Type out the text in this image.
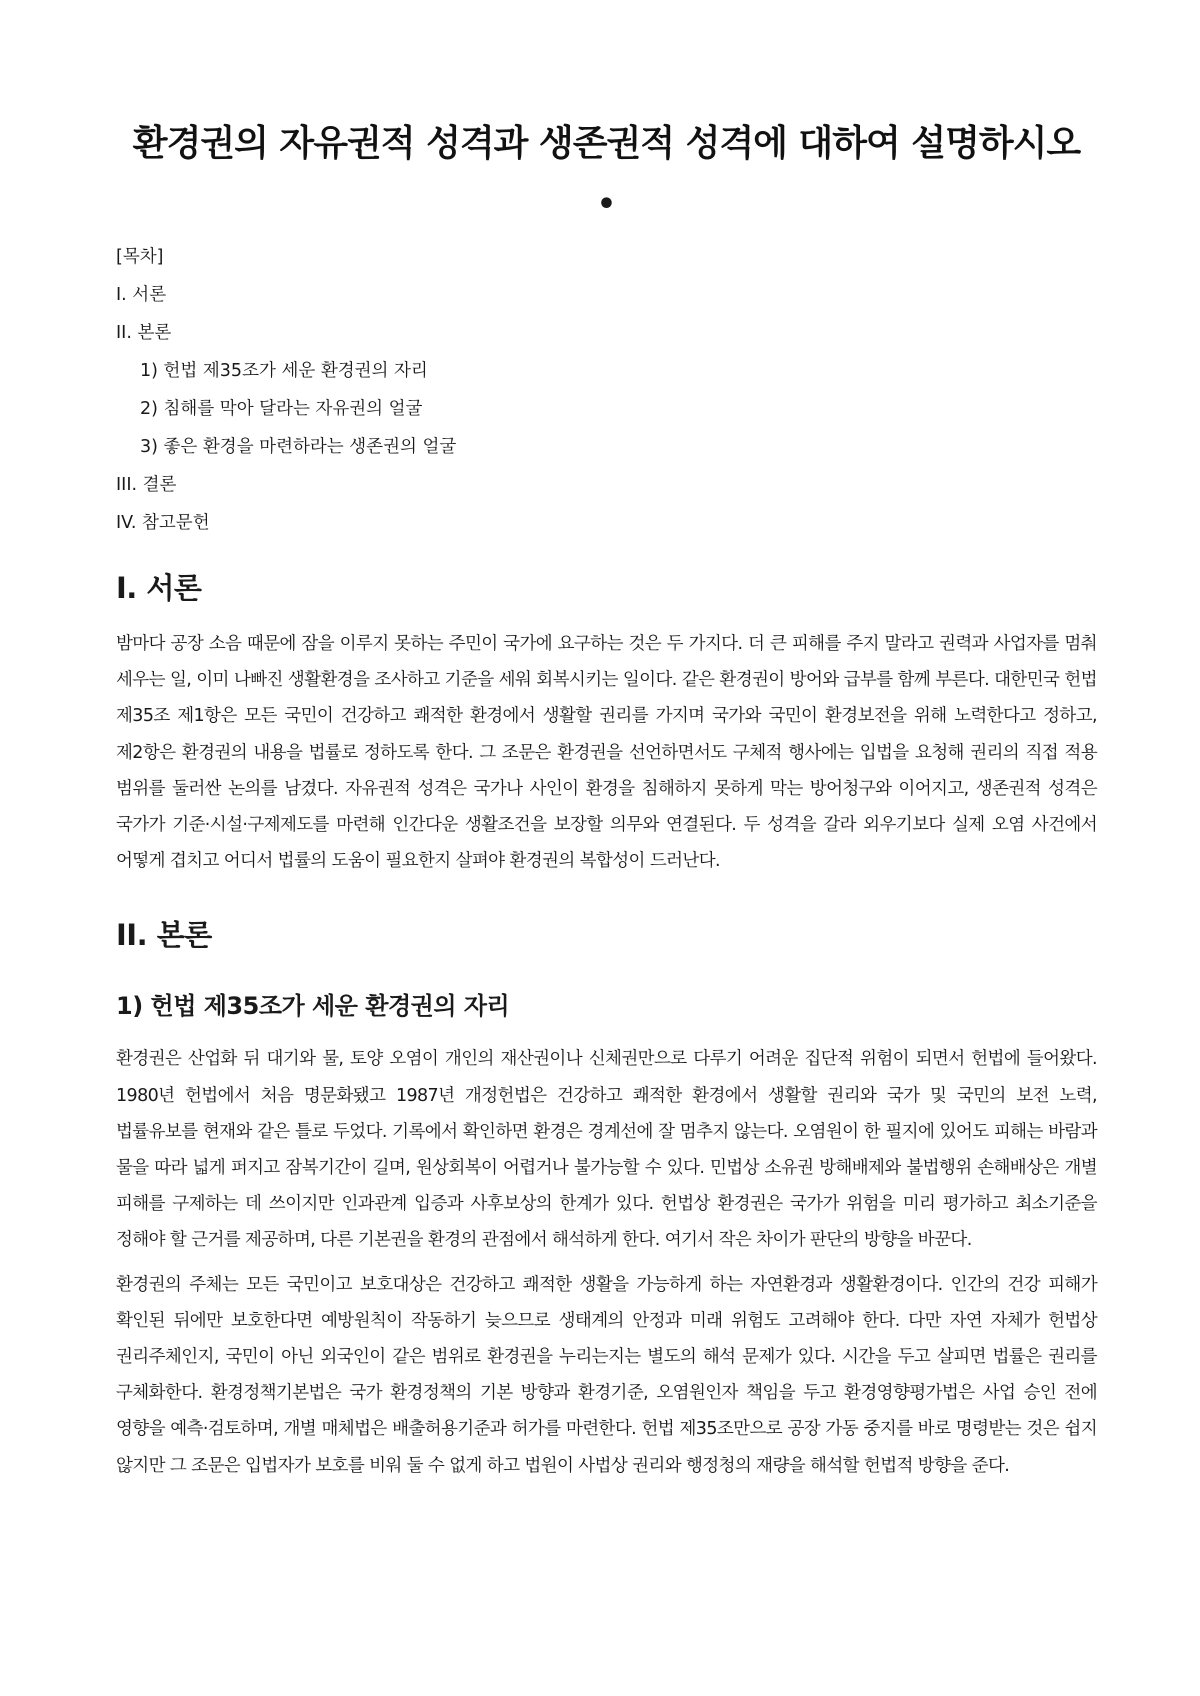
환경권의 자유권적 성격과 생존권적 성격에 대하여 설명하시오
•
[목차]
I. 서론
II. 본론
1) 헌법 제35조가 세운 환경권의 자리
2) 침해를 막아 달라는 자유권의 얼굴
3) 좋은 환경을 마련하라는 생존권의 얼굴
III. 결론
IV. 참고문헌
I. 서론

밤마다 공장 소음 때문에 잠을 이루지 못하는 주민이 국가에 요구하는 것은 두 가지다. 더 큰 피해를 주지 말라고 권력과 사업자를 멈춰 세우는 일, 이미 나빠진 생활환경을 조사하고 기준을 세워 회복시키는 일이다. 같은 환경권이 방어와 급부를 함께 부른다. 대한민국 헌법 제35조 제1항은 모든 국민이 건강하고 쾌적한 환경에서 생활할 권리를 가지며 국가와 국민이 환경보전을 위해 노력한다고 정하고, 제2항은 환경권의 내용을 법률로 정하도록 한다. 그 조문은 환경권을 선언하면서도 구체적 행사에는 입법을 요청해 권리의 직접 적용 범위를 둘러싼 논의를 남겼다. 자유권적 성격은 국가나 사인이 환경을 침해하지 못하게 막는 방어청구와 이어지고, 생존권적 성격은 국가가 기준·시설·구제제도를 마련해 인간다운 생활조건을 보장할 의무와 연결된다. 두 성격을 갈라 외우기보다 실제 오염 사건에서 어떻게 겹치고 어디서 법률의 도움이 필요한지 살펴야 환경권의 복합성이 드러난다.

II. 본론
1) 헌법 제35조가 세운 환경권의 자리

환경권은 산업화 뒤 대기와 물, 토양 오염이 개인의 재산권이나 신체권만으로 다루기 어려운 집단적 위험이 되면서 헌법에 들어왔다. 1980년 헌법에서 처음 명문화됐고 1987년 개정헌법은 건강하고 쾌적한 환경에서 생활할 권리와 국가 및 국민의 보전 노력, 법률유보를 현재와 같은 틀로 두었다. 기록에서 확인하면 환경은 경계선에 잘 멈추지 않는다. 오염원이 한 필지에 있어도 피해는 바람과 물을 따라 넓게 퍼지고 잠복기간이 길며, 원상회복이 어렵거나 불가능할 수 있다. 민법상 소유권 방해배제와 불법행위 손해배상은 개별 피해를 구제하는 데 쓰이지만 인과관계 입증과 사후보상의 한계가 있다. 헌법상 환경권은 국가가 위험을 미리 평가하고 최소기준을 정해야 할 근거를 제공하며, 다른 기본권을 환경의 관점에서 해석하게 한다. 여기서 작은 차이가 판단의 방향을 바꾼다.

환경권의 주체는 모든 국민이고 보호대상은 건강하고 쾌적한 생활을 가능하게 하는 자연환경과 생활환경이다. 인간의 건강 피해가 확인된 뒤에만 보호한다면 예방원칙이 작동하기 늦으므로 생태계의 안정과 미래 위험도 고려해야 한다. 다만 자연 자체가 헌법상 권리주체인지, 국민이 아닌 외국인이 같은 범위로 환경권을 누리는지는 별도의 해석 문제가 있다. 시간을 두고 살피면 법률은 권리를 구체화한다. 환경정책기본법은 국가 환경정책의 기본 방향과 환경기준, 오염원인자 책임을 두고 환경영향평가법은 사업 승인 전에 영향을 예측·검토하며, 개별 매체법은 배출허용기준과 허가를 마련한다. 헌법 제35조만으로 공장 가동 중지를 바로 명령받는 것은 쉽지 않지만 그 조문은 입법자가 보호를 비워 둘 수 없게 하고 법원이 사법상 권리와 행정청의 재량을 해석할 헌법적 방향을 준다.
